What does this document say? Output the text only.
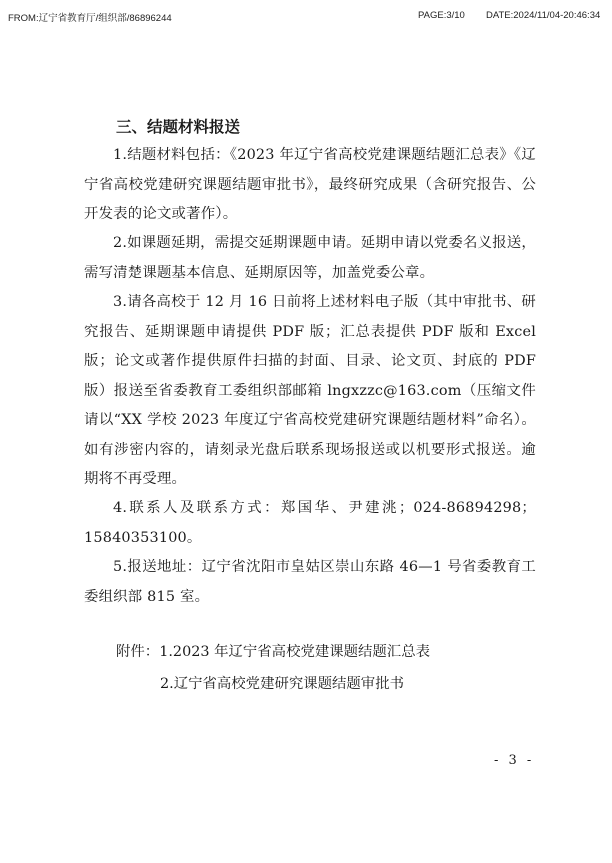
FROM:辽宁省教育厅/组织部/86896244	PAGE:3/10 DATE:2024/11/04-20:46:34
三、结题材料报送
1.结题材料包括：《2023 年辽宁省高校党建课题结题汇总表》《辽宁省高校党建研究课题结题审批书》，最终研究成果（含研究报告、公开发表的论文或著作）。
2.如课题延期，需提交延期课题申请。延期申请以党委名义报送，需写清楚课题基本信息、延期原因等，加盖党委公章。
3.请各高校于 12 月 16 日前将上述材料电子版（其中审批书、研究报告、延期课题申请提供 PDF 版；汇总表提供 PDF 版和 Excel 版；论文或著作提供原件扫描的封面、目录、论文页、封底的 PDF 版）报送至省委教育工委组织部邮箱 lngxzzc@163.com（压缩文件请以“XX 学校 2023 年度辽宁省高校党建研究课题结题材料”命名）。如有涉密内容的，请刻录光盘后联系现场报送或以机要形式报送。逾期将不再受理。
4.联系人及联系方式：郑国华、尹建洮；024-86894298；15840353100。
5.报送地址：辽宁省沈阳市皇姑区崇山东路 46—1 号省委教育工委组织部 815 室。
附件：1.2023 年辽宁省高校党建课题结题汇总表
2.辽宁省高校党建研究课题结题审批书
- 3 -
